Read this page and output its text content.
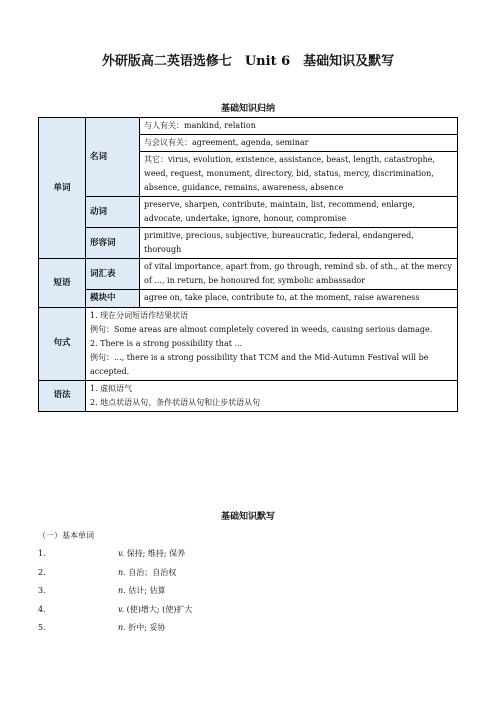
外研版高二英语选修七　Unit 6　基础知识及默写
基础知识归纳
单词	名词	与人有关：mankind, relation
		与会议有关：agreement, agenda, seminar
		其它：virus, evolution, existence, assistance, beast, length, catastrophe, weed, request, monument, directory, bid, status, mercy, discrimination, absence, guidance, remains, awareness, absence
	动词	preserve, sharpen, contribute, maintain, list, recommend, enlarge, advocate, undertake, ignore, honour, compromise
	形容词	primitive, precious, subjective, bureaucratic, federal, endangered, thorough
短语	词汇表	of vital importance, apart from, go through, remind sb. of sth., at the mercy of ..., in return, be honoured for, symbolic ambassador
	模块中	agree on, take place, contribute to, at the moment, raise awareness
句式	1. 现在分词短语作结果状语
例句：Some areas are almost completely covered in weeds, causing serious damage.
2. There is a strong possibility that ...
例句：..., there is a strong possibility that TCM and the Mid-Autumn Festival will be accepted.	

语法	1. 虚拟语气
2. 地点状语从句、条件状语从句和让步状语从句	
基础知识默写
（一）基本单词
1.	v. 保持; 维持; 保养
2.	n. 自治；自治权
3.	n. 估计; 估算
4.	v. (使)增大; (使)扩大
5.	n. 折中; 妥协
